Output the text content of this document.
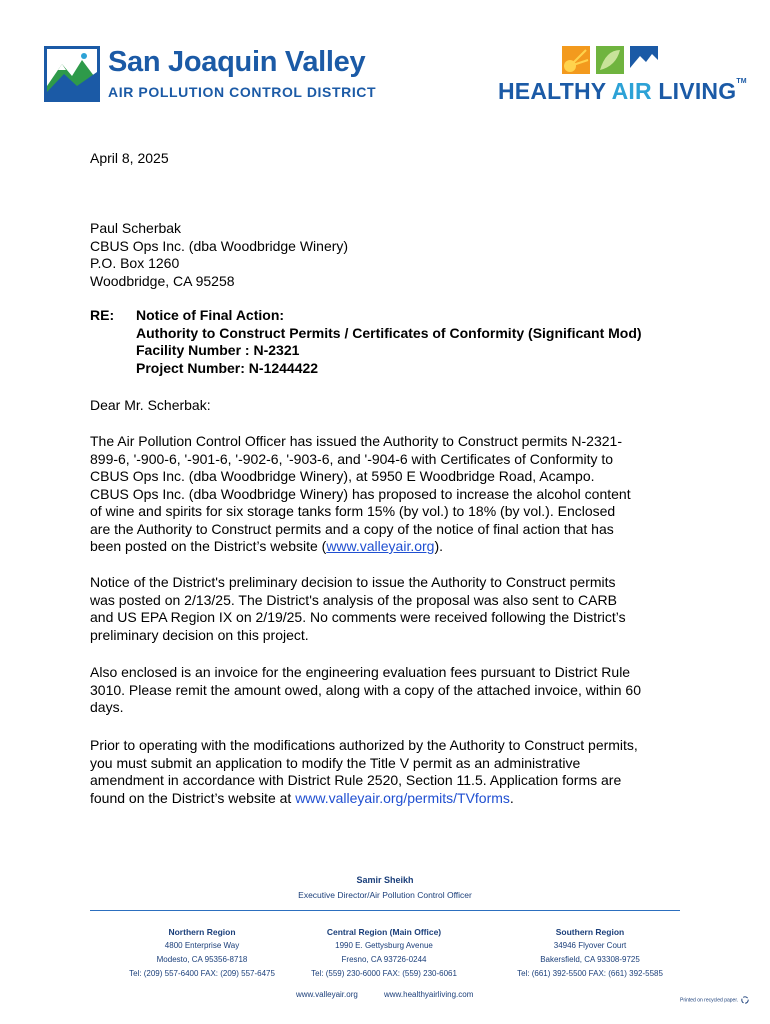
San Joaquin Valley
AIR POLLUTION CONTROL DISTRICT	HEALTHY AIR LIVING™
April 8, 2025
Paul Scherbak
CBUS Ops Inc. (dba Woodbridge Winery)
P.O. Box 1260
Woodbridge, CA 95258
RE: Notice of Final Action:
Authority to Construct Permits / Certificates of Conformity (Significant Mod)
Facility Number : N-2321
Project Number: N-1244422
Dear Mr. Scherbak:
The Air Pollution Control Officer has issued the Authority to Construct permits N-2321-
899-6, '-900-6, '-901-6, '-902-6, '-903-6, and '-904-6 with Certificates of Conformity to
CBUS Ops Inc. (dba Woodbridge Winery), at 5950 E Woodbridge Road, Acampo.
CBUS Ops Inc. (dba Woodbridge Winery) has proposed to increase the alcohol content
of wine and spirits for six storage tanks form 15% (by vol.) to 18% (by vol.). Enclosed
are the Authority to Construct permits and a copy of the notice of final action that has
been posted on the District’s website (www.valleyair.org).
Notice of the District's preliminary decision to issue the Authority to Construct permits
was posted on 2/13/25. The District's analysis of the proposal was also sent to CARB
and US EPA Region IX on 2/19/25. No comments were received following the District’s
preliminary decision on this project.
Also enclosed is an invoice for the engineering evaluation fees pursuant to District Rule
3010. Please remit the amount owed, along with a copy of the attached invoice, within 60
days.
Prior to operating with the modifications authorized by the Authority to Construct permits,
you must submit an application to modify the Title V permit as an administrative
amendment in accordance with District Rule 2520, Section 11.5. Application forms are
found on the District’s website at www.valleyair.org/permits/TVforms.
Samir Sheikh
Executive Director/Air Pollution Control Officer
Northern Region
4800 Enterprise Way
Modesto, CA 95356-8718
Tel: (209) 557-6400 FAX: (209) 557-6475
Central Region (Main Office)
1990 E. Gettysburg Avenue
Fresno, CA 93726-0244
Tel: (559) 230-6000 FAX: (559) 230-6061
Southern Region
34946 Flyover Court
Bakersfield, CA 93308-9725
Tel: (661) 392-5500 FAX: (661) 392-5585
www.valleyair.org	www.healthyairliving.com
Printed on recycled paper.
